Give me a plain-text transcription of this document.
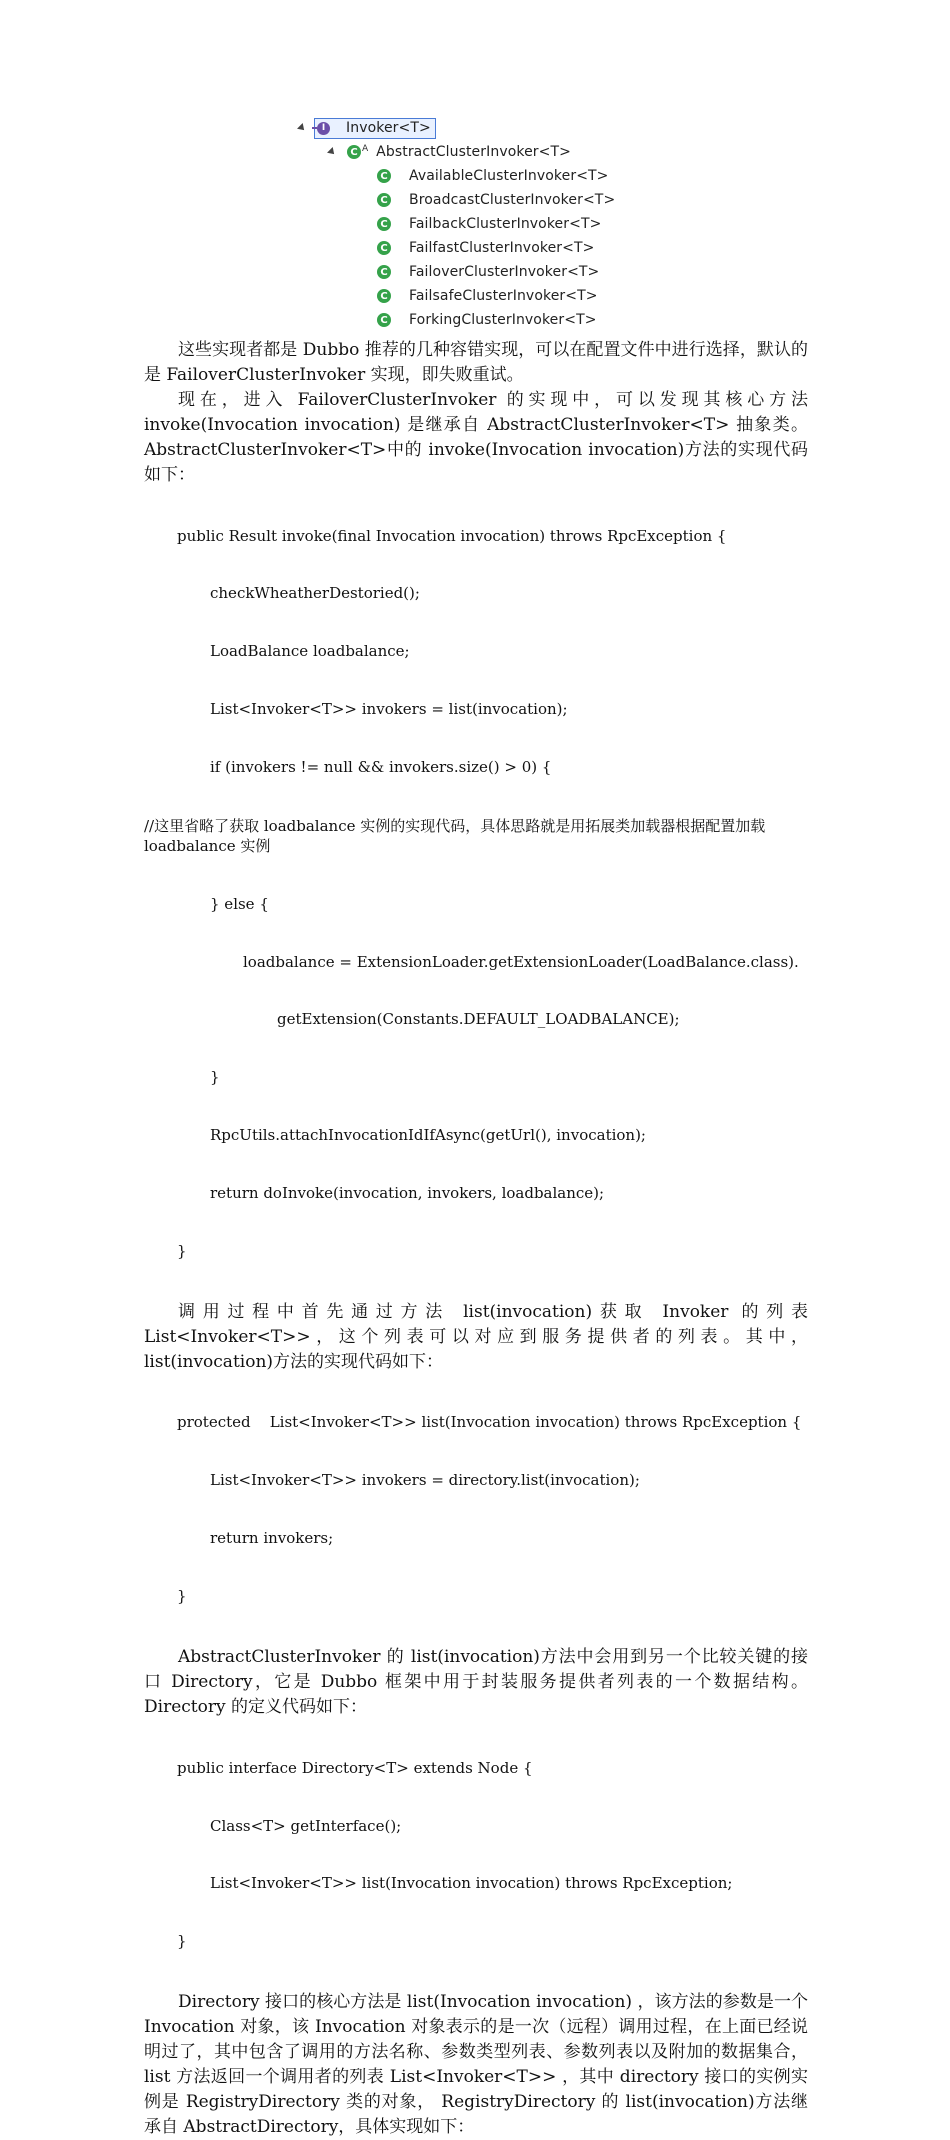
I	Invoker<T>
C A AbstractClusterInvoker<T>
C AvailableClusterInvoker<T>
C BroadcastClusterInvoker<T>
C FailbackClusterInvoker<T>
C FailfastClusterInvoker<T>
C FailoverClusterInvoker<T>
C FailsafeClusterInvoker<T>
C ForkingClusterInvoker<T>

这些实现者都是 Dubbo 推荐的几种容错实现，可以在配置文件中进行选择，默认的是 FailoverClusterInvoker 实现，即失败重试。

现在，进入 FailoverClusterInvoker 的实现中，可以发现其核心方法 invoke(Invocation invocation) 是继承自 AbstractClusterInvoker<T> 抽象类。AbstractClusterInvoker<T>中的 invoke(Invocation invocation)方法的实现代码如下：

public Result invoke(final Invocation invocation) throws RpcException {

checkWheatherDestoried();

LoadBalance loadbalance;

List<Invoker<T>> invokers = list(invocation);

if (invokers != null && invokers.size() > 0) {

//这里省略了获取 loadbalance 实例的实现代码，具体思路就是用拓展类加载器根据配置加载 loadbalance 实例

} else {

loadbalance = ExtensionLoader.getExtensionLoader(LoadBalance.class).

getExtension(Constants.DEFAULT_LOADBALANCE);

}

RpcUtils.attachInvocationIdIfAsync(getUrl(), invocation);

return doInvoke(invocation, invokers, loadbalance);

}

调用过程中首先通过方法 list(invocation)获取 Invoker 的列表 List<Invoker<T>>，这个列表可以对应到服务提供者的列表。其中，list(invocation)方法的实现代码如下：

protected    List<Invoker<T>> list(Invocation invocation) throws RpcException {

List<Invoker<T>> invokers = directory.list(invocation);

return invokers;

}

AbstractClusterInvoker 的 list(invocation)方法中会用到另一个比较关键的接口 Directory，它是 Dubbo 框架中用于封装服务提供者列表的一个数据结构。Directory 的定义代码如下：

public interface Directory<T> extends Node {

Class<T> getInterface();

List<Invoker<T>> list(Invocation invocation) throws RpcException;

}

Directory 接口的核心方法是 list(Invocation invocation) ，该方法的参数是一个 Invocation 对象，该 Invocation 对象表示的是一次（远程）调用过程，在上面已经说明过了，其中包含了调用的方法名称、参数类型列表、参数列表以及附加的数据集合，list 方法返回一个调用者的列表 List<Invoker<T>> ，其中 directory 接口的实例实例是 RegistryDirectory 类的对象， RegistryDirectory 的 list(invocation)方法继承自 AbstractDirectory，具体实现如下：
